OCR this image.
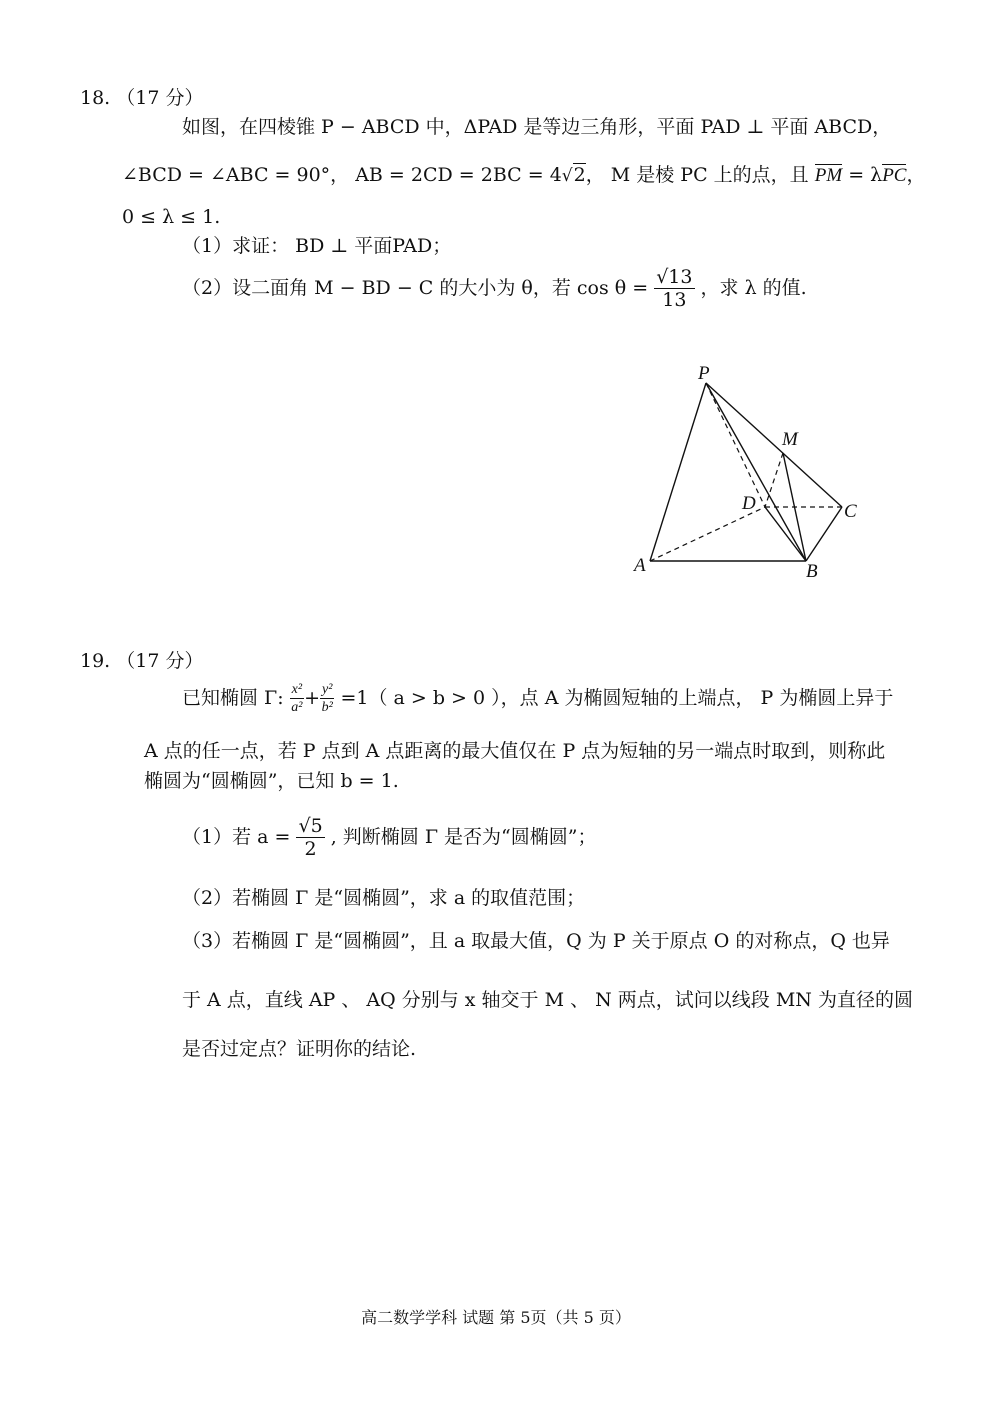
18. （17 分）
如图，在四棱锥 P − ABCD 中，ΔPAD 是等边三角形，平面 PAD ⊥ 平面 ABCD，
∠BCD = ∠ABC = 90°， AB = 2CD = 2BC = 4√2， M 是棱 PC 上的点，且 PM = λPC，
0 ≤ λ ≤ 1.
（1）求证： BD ⊥ 平面PAD；
（2）设二面角 M − BD − C 的大小为 θ，若 $\cos \theta = \frac{√13}{13}$ ，求 λ 的值.
P
M
D	C
A	B
19. （17 分）
已知椭圆 Γ: $\frac{\text{x²}}{\text{a²}} + \frac{\text{y²}}{\text{b²}} =1$（ a > b > 0 ），点 A 为椭圆短轴的上端点， P 为椭圆上异于
A 点的任一点，若 P 点到 A 点距离的最大值仅在 P 点为短轴的另一端点时取到，则称此
椭圆为“圆椭圆”，已知 b = 1.
（1）若 $a = \frac{√5}{2}$ , 判断椭圆 Γ 是否为“圆椭圆”；
（2）若椭圆 Γ 是“圆椭圆”，求 a 的取值范围；
（3）若椭圆 Γ 是“圆椭圆”，且 a 取最大值，Q 为 P 关于原点 O 的对称点，Q 也异
于 A 点，直线 AP 、 AQ 分别与 x 轴交于 M 、 N 两点，试问以线段 MN 为直径的圆
是否过定点？证明你的结论.
高二数学学科 试题 第 5页（共 5 页）
